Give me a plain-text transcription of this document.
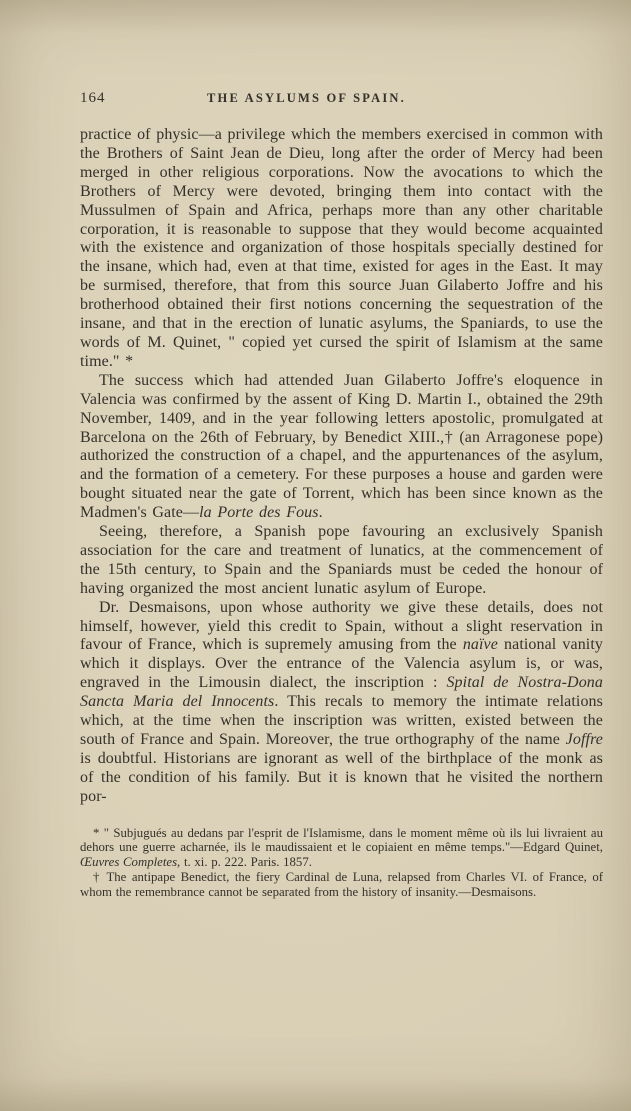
164	THE ASYLUMS OF SPAIN.

practice of physic—a privilege which the members exercised in common with the Brothers of Saint Jean de Dieu, long after the order of Mercy had been merged in other religious corporations. Now the avocations to which the Brothers of Mercy were devoted, bringing them into contact with the Mussulmen of Spain and Africa, perhaps more than any other charitable corporation, it is reasonable to suppose that they would become acquainted with the existence and organization of those hospitals specially destined for the insane, which had, even at that time, existed for ages in the East. It may be surmised, therefore, that from this source Juan Gilaberto Joffre and his brotherhood obtained their first notions concerning the sequestration of the insane, and that in the erection of lunatic asylums, the Spaniards, to use the words of M. Quinet, " copied yet cursed the spirit of Islamism at the same time." *

The success which had attended Juan Gilaberto Joffre's eloquence in Valencia was confirmed by the assent of King D. Martin I., obtained the 29th November, 1409, and in the year following letters apostolic, promulgated at Barcelona on the 26th of February, by Benedict XIII.,† (an Arragonese pope) authorized the construction of a chapel, and the appurtenances of the asylum, and the formation of a cemetery. For these purposes a house and garden were bought situated near the gate of Torrent, which has been since known as the Madmen's Gate—la Porte des Fous.

Seeing, therefore, a Spanish pope favouring an exclusively Spanish association for the care and treatment of lunatics, at the commencement of the 15th century, to Spain and the Spaniards must be ceded the honour of having organized the most ancient lunatic asylum of Europe.

Dr. Desmaisons, upon whose authority we give these details, does not himself, however, yield this credit to Spain, without a slight reservation in favour of France, which is supremely amusing from the naïve national vanity which it displays. Over the entrance of the Valencia asylum is, or was, engraved in the Limousin dialect, the inscription : Spital de Nostra-Dona Sancta Maria del Innocents. This recals to memory the intimate relations which, at the time when the inscription was written, existed between the south of France and Spain. Moreover, the true orthography of the name Joffre is doubtful. Historians are ignorant as well of the birthplace of the monk as of the condition of his family. But it is known that he visited the northern por-

* " Subjugués au dedans par l'esprit de l'Islamisme, dans le moment même où ils lui livraient au dehors une guerre acharnée, ils le maudissaient et le copiaient en même temps."—Edgard Quinet, Œuvres Completes, t. xi. p. 222. Paris. 1857.

† The antipape Benedict, the fiery Cardinal de Luna, relapsed from Charles VI. of France, of whom the remembrance cannot be separated from the history of insanity.—Desmaisons.
